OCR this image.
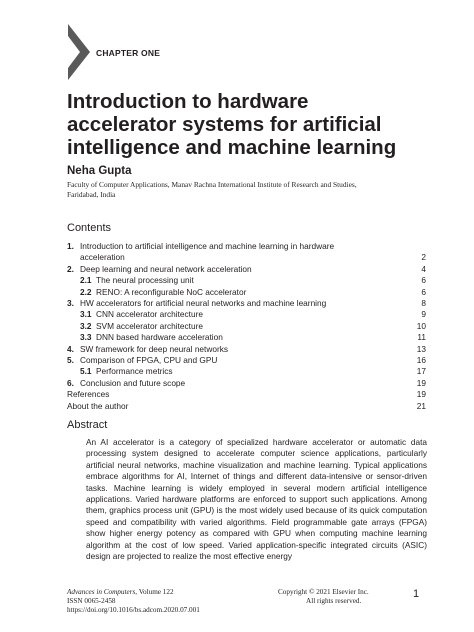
CHAPTER ONE
Introduction to hardware
accelerator systems for artificial
intelligence and machine learning
Neha Gupta
Faculty of Computer Applications, Manav Rachna International Institute of Research and Studies,
Faridabad, India
Contents
1. Introduction to artificial intelligence and machine learning in hardware acceleration	2
2. Deep learning and neural network acceleration	4
2.1 The neural processing unit	6
2.2 RENO: A reconfigurable NoC accelerator	6
3. HW accelerators for artificial neural networks and machine learning	8
3.1 CNN accelerator architecture	9
3.2 SVM accelerator architecture	10
3.3 DNN based hardware acceleration	11
4. SW framework for deep neural networks	13
5. Comparison of FPGA, CPU and GPU	16
5.1 Performance metrics	17
6. Conclusion and future scope	19
References	19
About the author	21
Abstract

An AI accelerator is a category of specialized hardware accelerator or automatic data processing system designed to accelerate computer science applications, particularly artificial neural networks, machine visualization and machine learning. Typical applications embrace algorithms for AI, Internet of things and different data-intensive or sensor-driven tasks. Machine learning is widely employed in several modern artificial intelligence applications. Varied hardware platforms are enforced to support such applications. Among them, graphics process unit (GPU) is the most widely used because of its quick computation speed and compatibility with varied algorithms. Field programmable gate arrays (FPGA) show higher energy potency as compared with GPU when computing machine learning algorithm at the cost of low speed. Varied application-specific integrated circuits (ASIC) design are projected to realize the most effective energy

Advances in Computers, Volume 122
ISSN 0065-2458
https://doi.org/10.1016/bs.adcom.2020.07.001
Copyright © 2021 Elsevier Inc.
All rights reserved.
1
